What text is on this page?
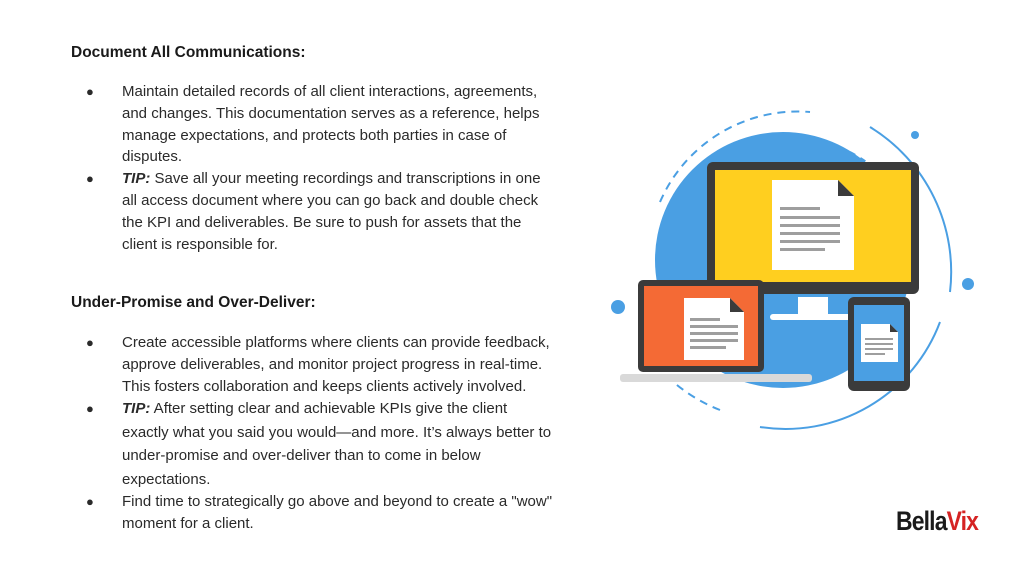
Document All Communications:
● Maintain detailed records of all client interactions, agreements, and changes. This documentation serves as a reference, helps manage expectations, and protects both parties in case of disputes.
● TIP: Save all your meeting recordings and transcriptions in one all access document where you can go back and double check the KPI and deliverables. Be sure to push for assets that the client is responsible for.
Under-Promise and Over-Deliver:
● Create accessible platforms where clients can provide feedback, approve deliverables, and monitor project progress in real-time. This fosters collaboration and keeps clients actively involved.
● TIP: After setting clear and achievable KPIs give the client exactly what you said you would—and more. It’s always better to under-promise and over-deliver than to come in below expectations.
● Find time to strategically go above and beyond to create a "wow" moment for a client.	BellaVix
